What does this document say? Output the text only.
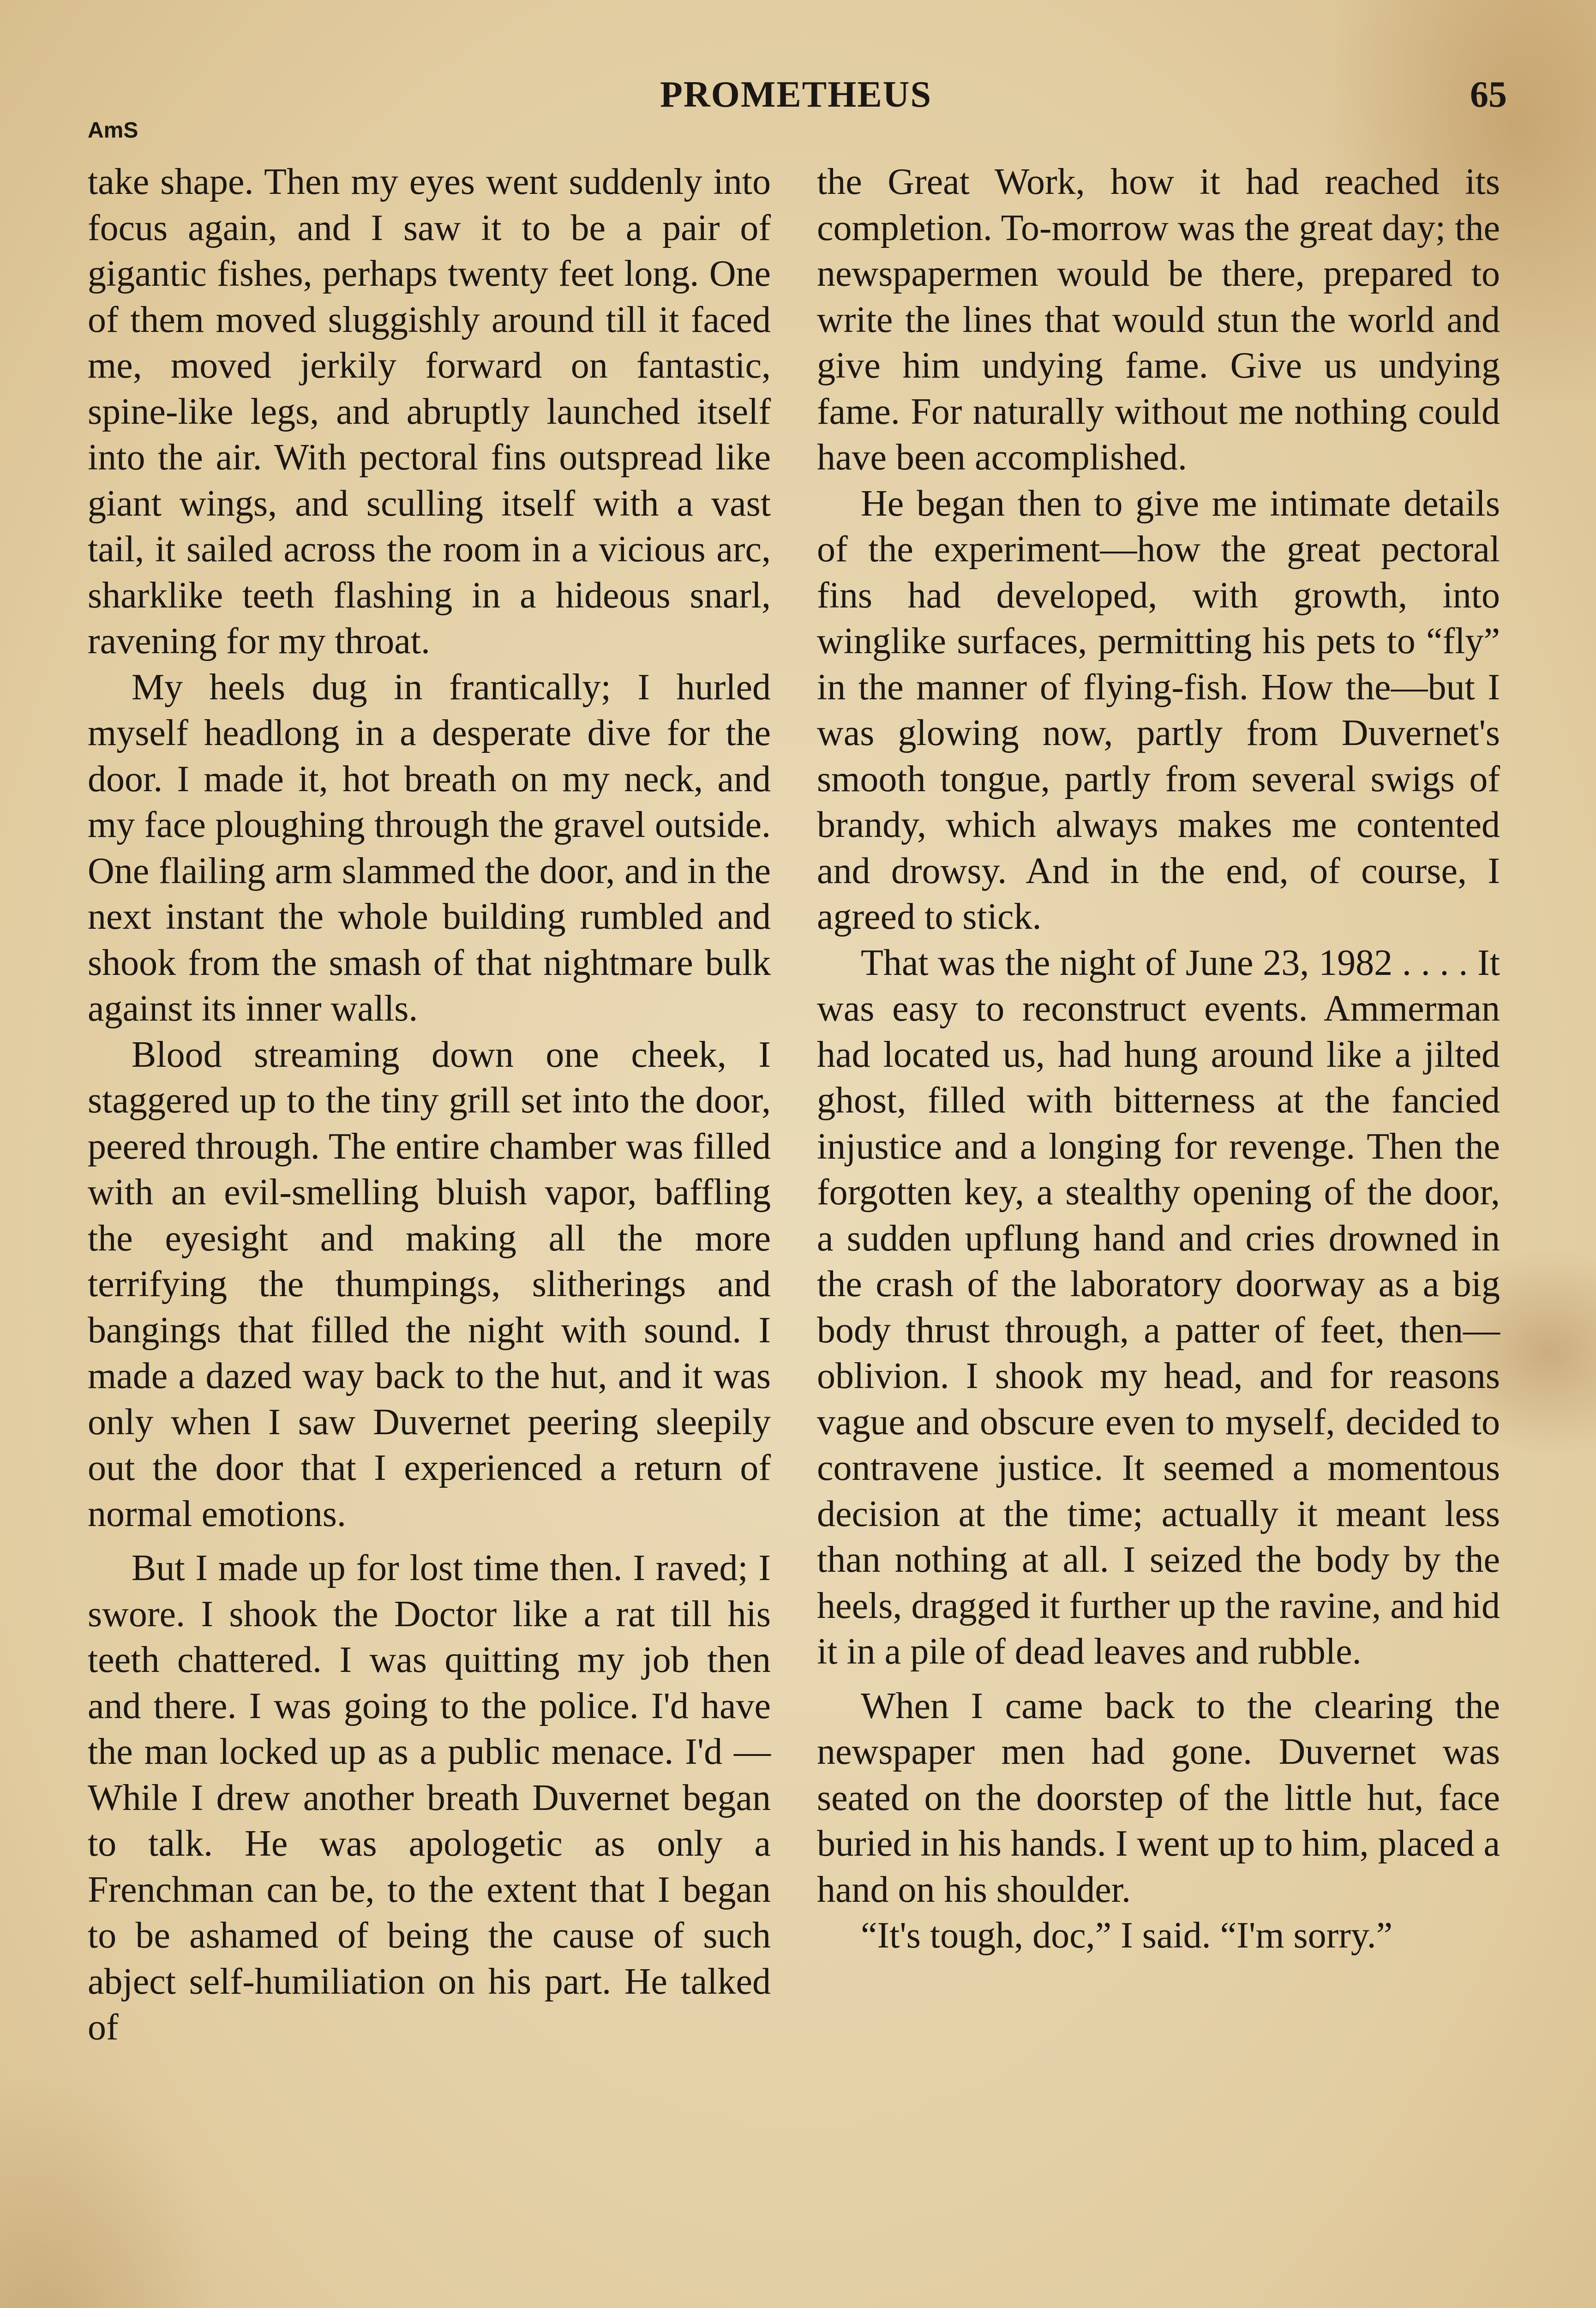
PROMETHEUS	65
AmS

take shape. Then my eyes went suddenly into focus again, and I saw it to be a pair of gigantic fishes, perhaps twenty feet long. One of them moved sluggishly around till it faced me, moved jerkily forward on fantastic, spine-like legs, and abruptly launched itself into the air. With pectoral fins outspread like giant wings, and sculling itself with a vast tail, it sailed across the room in a vicious arc, sharklike teeth flashing in a hideous snarl, ravening for my throat.

My heels dug in frantically; I hurled myself headlong in a desperate dive for the door. I made it, hot breath on my neck, and my face ploughing through the gravel outside. One flailing arm slammed the door, and in the next instant the whole building rumbled and shook from the smash of that nightmare bulk against its inner walls.

Blood streaming down one cheek, I staggered up to the tiny grill set into the door, peered through. The entire chamber was filled with an evil-smelling bluish vapor, baffling the eyesight and making all the more terrifying the thumpings, slitherings and bangings that filled the night with sound. I made a dazed way back to the hut, and it was only when I saw Duvernet peering sleepily out the door that I experienced a return of normal emotions.

But I made up for lost time then. I raved; I swore. I shook the Doctor like a rat till his teeth chattered. I was quitting my job then and there. I was going to the police. I'd have the man locked up as a public menace. I'd —While I drew another breath Duvernet began to talk. He was apologetic as only a Frenchman can be, to the extent that I began to be ashamed of being the cause of such abject self-humiliation on his part. He talked of

the Great Work, how it had reached its completion. To-morrow was the great day; the newspapermen would be there, prepared to write the lines that would stun the world and give him undying fame. Give us undying fame. For naturally without me nothing could have been accomplished.

He began then to give me intimate details of the experiment—how the great pectoral fins had developed, with growth, into winglike surfaces, permitting his pets to “fly” in the manner of flying-fish. How the—but I was glowing now, partly from Duvernet's smooth tongue, partly from several swigs of brandy, which always makes me contented and drowsy. And in the end, of course, I agreed to stick.

That was the night of June 23, 1982 . . . . It was easy to reconstruct events. Ammerman had located us, had hung around like a jilted ghost, filled with bitterness at the fancied injustice and a longing for revenge. Then the forgotten key, a stealthy opening of the door, a sudden upflung hand and cries drowned in the crash of the laboratory doorway as a big body thrust through, a patter of feet, then—oblivion. I shook my head, and for reasons vague and obscure even to myself, decided to contravene justice. It seemed a momentous decision at the time; actually it meant less than nothing at all. I seized the body by the heels, dragged it further up the ravine, and hid it in a pile of dead leaves and rubble.

When I came back to the clearing the newspaper men had gone. Duvernet was seated on the doorstep of the little hut, face buried in his hands. I went up to him, placed a hand on his shoulder.

“It's tough, doc,” I said. “I'm sorry.”
